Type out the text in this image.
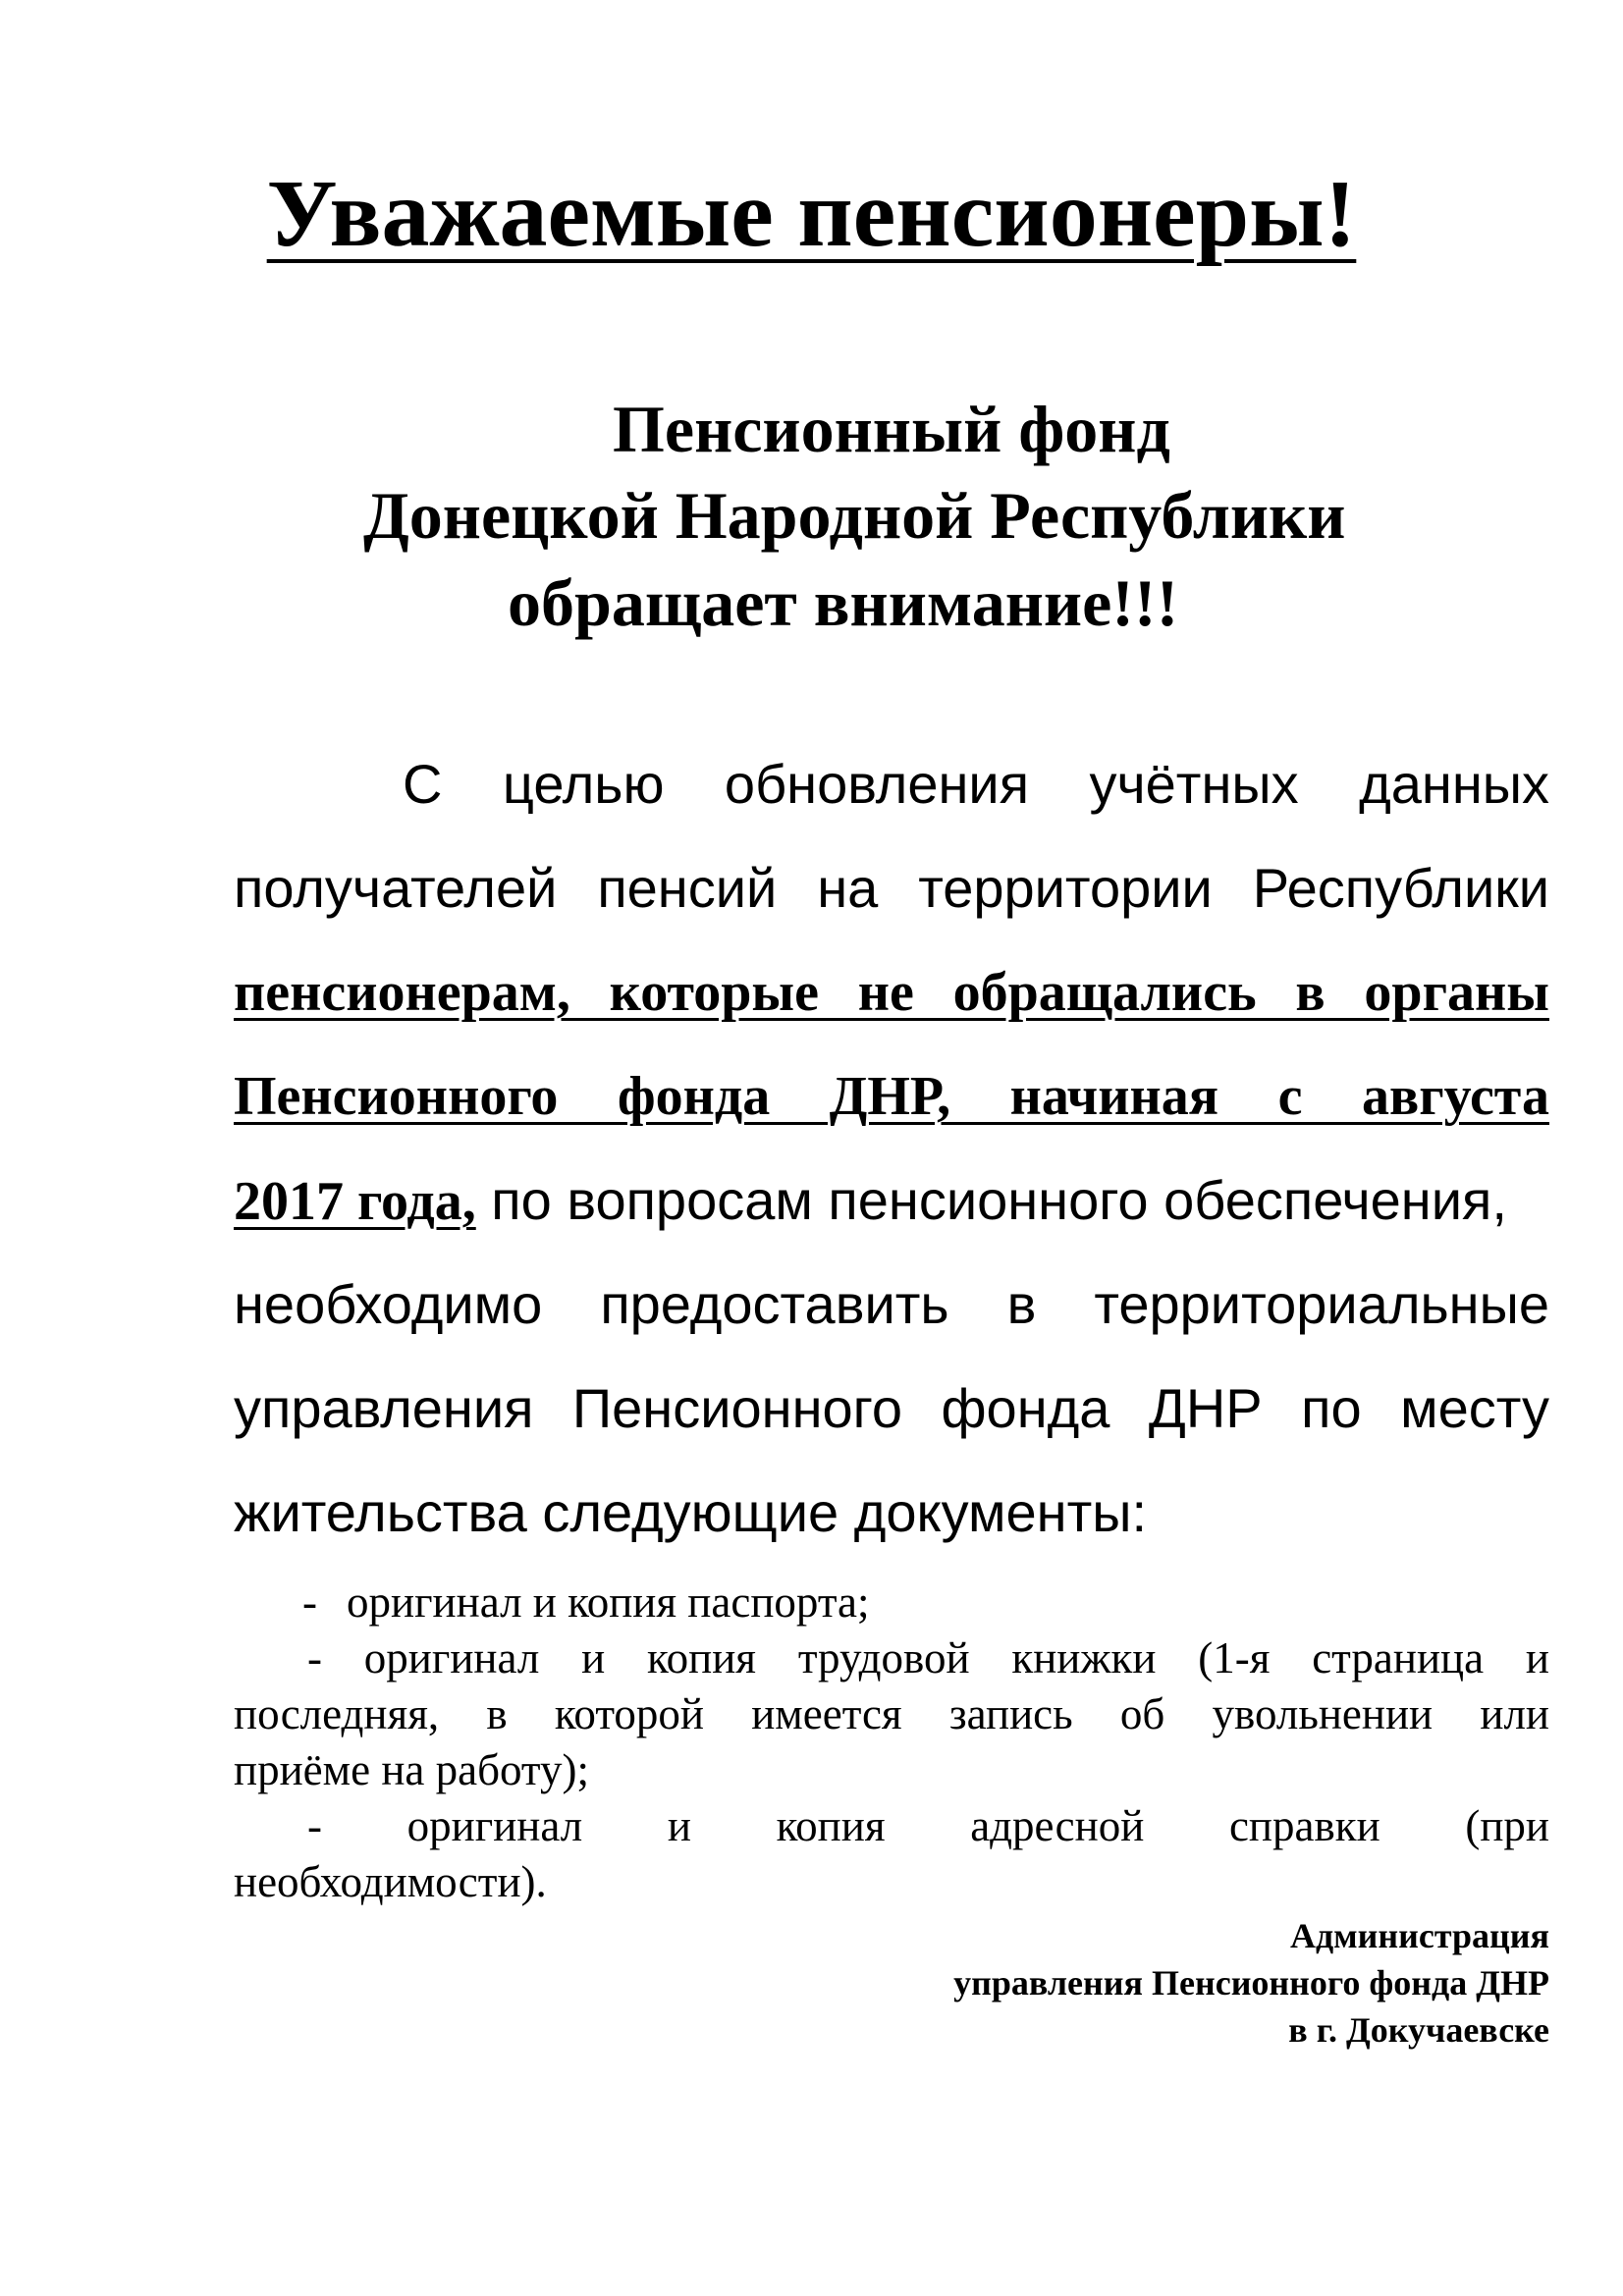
Уважаемые пенсионеры!
Пенсионный фонд
Донецкой Народной Республики
обращает внимание!!!
С целью обновления учётных данных
получателей пенсий на территории Республики
пенсионерам, которые не обращались в органы
Пенсионного фонда ДНР, начиная с августа
2017 года, по вопросам пенсионного обеспечения,
необходимо предоставить в территориальные
управления Пенсионного фонда ДНР по месту
жительства следующие документы:
- оригинал и копия паспорта;
- оригинал и копия трудовой книжки (1-я страница и
последняя, в которой имеется запись об увольнении или
приёме на работу);
- оригинал и копия адресной справки (при
необходимости).
Администрация
управления Пенсионного фонда ДНР
в г. Докучаевске
